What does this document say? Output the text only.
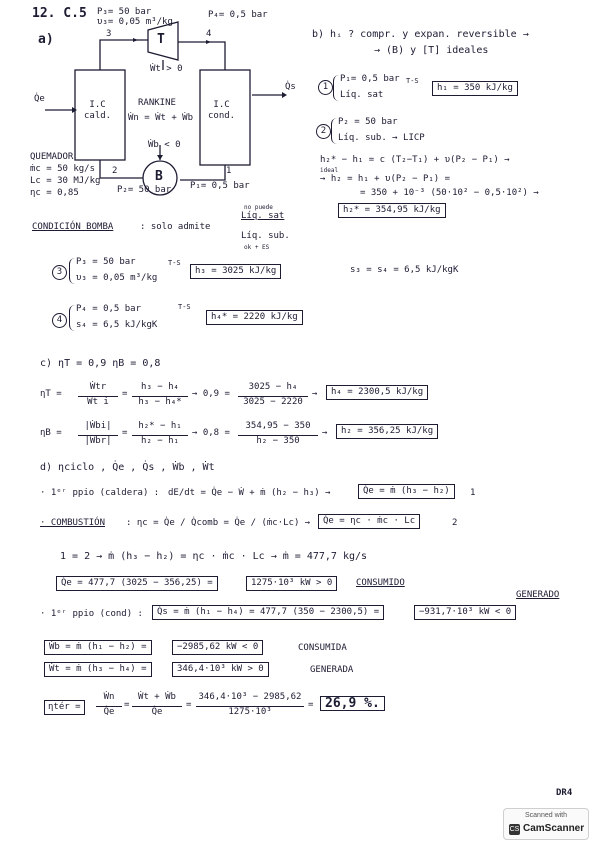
12. C.5 P₃= 50 bar
υ₃= 0,05 m³/kg
P₄= 0,5 bar
a)	3	4
T
Ẇt > 0
Q̇e
Q̇s
I.C
cald.
I.C
cond.
RANKINE
Ẇn = Ẇt + Ẇb
Ẇb < 0
B
2	1
P₂= 50 bar P₁= 0,5 bar
QUEMADOR
ṁc = 50 kg/s
Lc = 30 MJ/kg
ηc = 0,85
CONDICIÓN BOMBA	: solo admite
no puede
Líq. sat
Líq. sub.
ok + ES
b) hᵢ ? compr. y expan. reversible →
→ (B) y [T] ideales
1
P₁= 0,5 bar
Líq. sat
T-S
h₁ = 350 kJ/kg
2
P₂ = 50 bar
Líq. sub. → LICP
h₂* − h₁ = c (T₂−T₁) + υ(P₂ − P₁) →
ideal
→ h₂ = h₁ + υ(P₂ − P₁) =
= 350 + 10⁻³ (50·10² − 0,5·10²) →
h₂* = 354,95 kJ/kg
3
P₃ = 50 bar
υ₃ = 0,05 m³/kg
T-S
h₃ = 3025 kJ/kg	s₃ = s₄ = 6,5 kJ/kgK
4
P₄ = 0,5 bar
s₄ = 6,5 kJ/kgK
T-S
h₄* = 2220 kJ/kg
c) ηT = 0,9 ηB = 0,8
ηT =
Ẇtr
Ẇt i
=
h₃ − h₄
h₃ − h₄*
→ 0,9 =
3025 − h₄
3025 − 2220
→	h₄ = 2300,5 kJ/kg
ηB =
|Ẇbi|
|Ẇbr|
=
h₂* − h₁
h₂ − h₁
→ 0,8 =
354,95 − 350
h₂ − 350
→	h₂ = 356,25 kJ/kg
d) ηciclo , Q̇e , Q̇s , Ẇb , Ẇt
· 1ᵉʳ ppio (caldera) : dE/dt = Q̇e − Ẇ + ṁ (h₂ − h₃) →	Q̇e = ṁ (h₃ − h₂)	1
· COMBUSTIÓN : ηc = Q̇e / Q̇comb = Q̇e / (ṁc·Lc) →	Q̇e = ηc · ṁc · Lc	2
1 = 2 → ṁ (h₃ − h₂) = ηc · ṁc · Lc → ṁ = 477,7 kg/s
Q̇e = 477,7 (3025 − 356,25) =	1275·10³ kW > 0	CONSUMIDO
GENERADO
· 1ᵉʳ ppio (cond) :	Q̇s = ṁ (h₁ − h₄) = 477,7 (350 − 2300,5) =	−931,7·10³ kW < 0
Ẇb = ṁ (h₁ − h₂) =	−2985,62 kW < 0	CONSUMIDA
Ẇt = ṁ (h₃ − h₄) =	346,4·10³ kW > 0	GENERADA
ηtér =
Ẇn
Q̇e
=
Ẇt + Ẇb
Q̇e
=
346,4·10³ − 2985,62
1275·10³
= 26,9 %.
DR4
Scanned with
CS CamScanner
